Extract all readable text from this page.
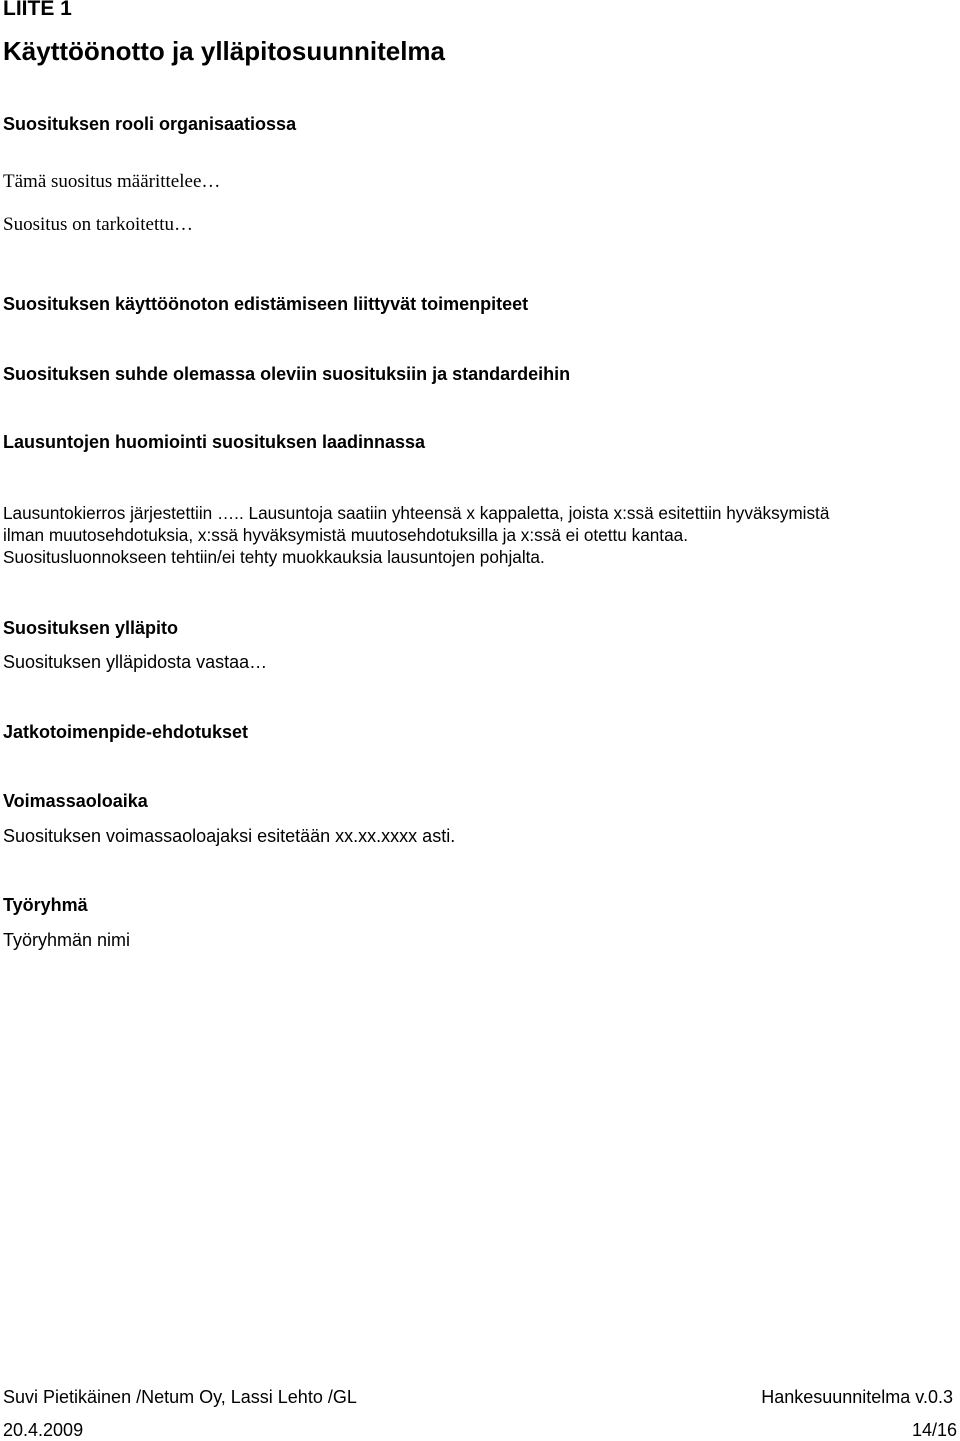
LIITE 1
Käyttöönotto ja ylläpitosuunnitelma
Suosituksen rooli organisaatiossa
Tämä suositus määrittelee…
Suositus on tarkoitettu…
Suosituksen käyttöönoton edistämiseen liittyvät toimenpiteet
Suosituksen suhde olemassa oleviin suosituksiin ja standardeihin
Lausuntojen huomiointi suosituksen laadinnassa
Lausuntokierros järjestettiin ….. Lausuntoja saatiin yhteensä x kappaletta, joista x:ssä esitettiin hyväksymistä
ilman muutosehdotuksia, x:ssä hyväksymistä muutosehdotuksilla ja x:ssä ei otettu kantaa.
Suositusluonnokseen tehtiin/ei tehty muokkauksia lausuntojen pohjalta.
Suosituksen ylläpito
Suosituksen ylläpidosta vastaa…
Jatkotoimenpide-ehdotukset
Voimassaoloaika
Suosituksen voimassaoloajaksi esitetään xx.xx.xxxx asti.
Työryhmä
Työryhmän nimi
Suvi Pietikäinen /Netum Oy, Lassi Lehto /GL	Hankesuunnitelma v.0.3
20.4.2009	14/16
